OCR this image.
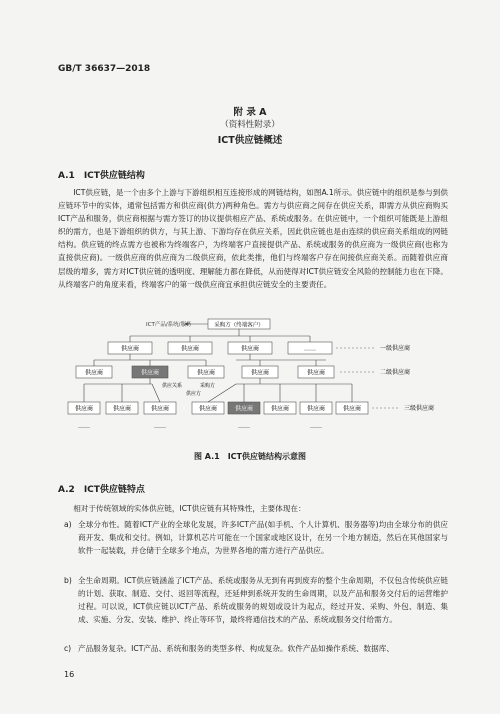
GB/T 36637—2018
附 录 A
（资料性附录）
ICT供应链概述
A.1　ICT供应链结构

ICT供应链，是一个由多个上游与下游组织相互连接形成的网链结构，如图A.1所示。供应链中的组织是参与到供应链环节中的实体，通常包括需方和供应商(供方)两种角色。需方与供应商之间存在供应关系，即需方从供应商购买ICT产品和服务，供应商根据与需方签订的协议提供相应产品、系统或服务。在供应链中，一个组织可能既是上游组织的需方，也是下游组织的供方，与其上游、下游均存在供应关系，因此供应链也是由连续的供应商关系组成的网链结构。供应链的终点需方也被称为终端客户，为终端客户直接提供产品、系统或服务的供应商为一级供应商(也称为直接供应商)。一级供应商的供应商为二级供应商，依此类推，他们与终端客户存在间接供应商关系。而随着供应商层级的增多，需方对ICT供应链的透明度、理解能力都在降低，从而使得对ICT供应链安全风险的控制能力也在下降。从终端客户的角度来看，终端客户的第一级供应商宜承担供应链安全的主要责任。

ICT产品/系统/服务	采购方（终端客户）
供应商	供应商	供应商	……	一级供应商
供应商	供应商	供应商	供应商	供应商	二级供应商
供应关系	采购方
供应方
供应商	供应商	供应商	供应商	供应商	供应商	供应商	供应商	三级供应商
……	……	……	……
图 A.1　ICT供应链结构示意图
A.2　ICT供应链特点

相对于传统领域的实体供应链，ICT供应链有其特殊性，主要体现在：

a) 全球分布性。随着ICT产业的全球化发展，许多ICT产品(如手机、个人计算机、服务器等)均由全球分布的供应商开发、集成和交付。例如，计算机芯片可能在一个国家或地区设计，在另一个地方制造，然后在其他国家与软件一起装载，并仓储于全球多个地点，为世界各地的需方进行产品供应。
b) 全生命周期。ICT供应链涵盖了ICT产品、系统或服务从无到有再到废弃的整个生命周期，不仅包含传统供应链的计划、获取、制造、交付、返回等流程，还延伸到系统开发的生命周期，以及产品和服务交付后的运营维护过程。可以说，ICT供应链以ICT产品、系统或服务的规划或设计为起点，经过开发、采购、外包、制造、集成、实施、分发、安装、维护、终止等环节，最终将通信技术的产品、系统或服务交付给需方。
c) 产品服务复杂。ICT产品、系统和服务的类型多样、构成复杂。软件产品如操作系统、数据库、
16
